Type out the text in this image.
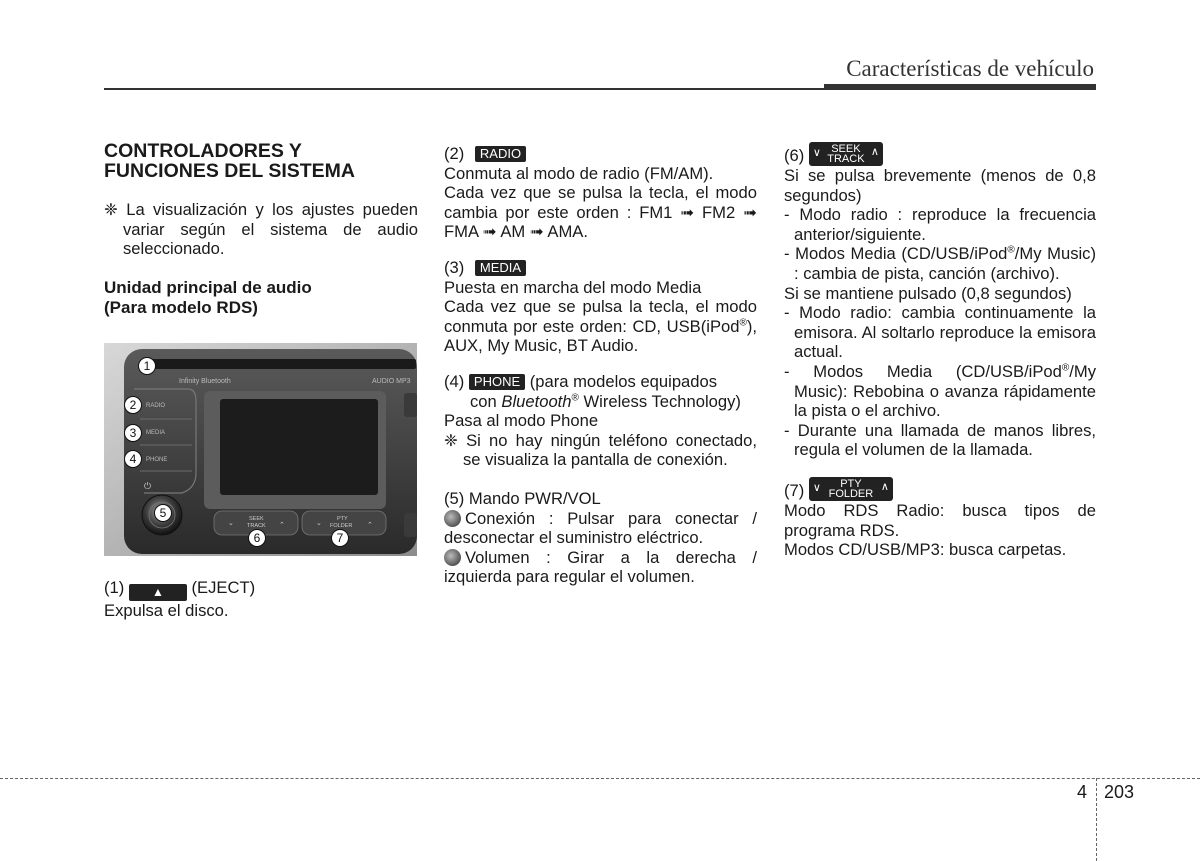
Características de vehículo
CONTROLADORES Y
FUNCIONES DEL SISTEMA

❈ La visualización y los ajustes pueden variar según el sistema de audio seleccionado.

Unidad principal de audio
(Para modelo RDS)
Infinity Bluetooth	AUDIO MP3
RADIO
MEDIA
PHONE
⏻
SEEK
TRACK
⌄	⌃
PTY
FOLDER
⌄	⌃
1
2
3
4
5
6	7

(1) ▲ (EJECT)

Expulsa el disco.

(2) RADIO

Conmuta al modo de radio (FM/AM).

Cada vez que se pulsa la tecla, el modo cambia por este orden : FM1 ➟ FM2 ➟ FMA ➟ AM ➟ AMA.

(3) MEDIA

Puesta en marcha del modo Media

Cada vez que se pulsa la tecla, el modo conmuta por este orden: CD, USB(iPod®), AUX, My Music, BT Audio.

(4) PHONE (para modelos equipados

con Bluetooth® Wireless Technology)

Pasa al modo Phone

❈ Si no hay ningún teléfono conectado, se visualiza la pantalla de conexión.

(5) Mando PWR/VOL

Conexión : Pulsar para conectar / desconectar el suministro eléctrico.

Volumen : Girar a la derecha / izquierda para regular el volumen.

(6) ∨ SEEK
TRACK
∧

Si se pulsa brevemente (menos de 0,8 segundos)

- Modo radio : reproduce la frecuencia anterior/siguiente.

- Modos Media (CD/USB/iPod®/My Music) : cambia de pista, canción (archivo).

Si se mantiene pulsado (0,8 segundos)

- Modo radio: cambia continuamente la emisora. Al soltarlo reproduce la emisora actual.

- Modos Media (CD/USB/iPod®/My Music): Rebobina o avanza rápidamente la pista o el archivo.

- Durante una llamada de manos libres, regula el volumen de la llamada.

(7) ∨	PTY
FOLDER
∧

Modo RDS Radio: busca tipos de programa RDS.

Modos CD/USB/MP3: busca carpetas.

4 203
